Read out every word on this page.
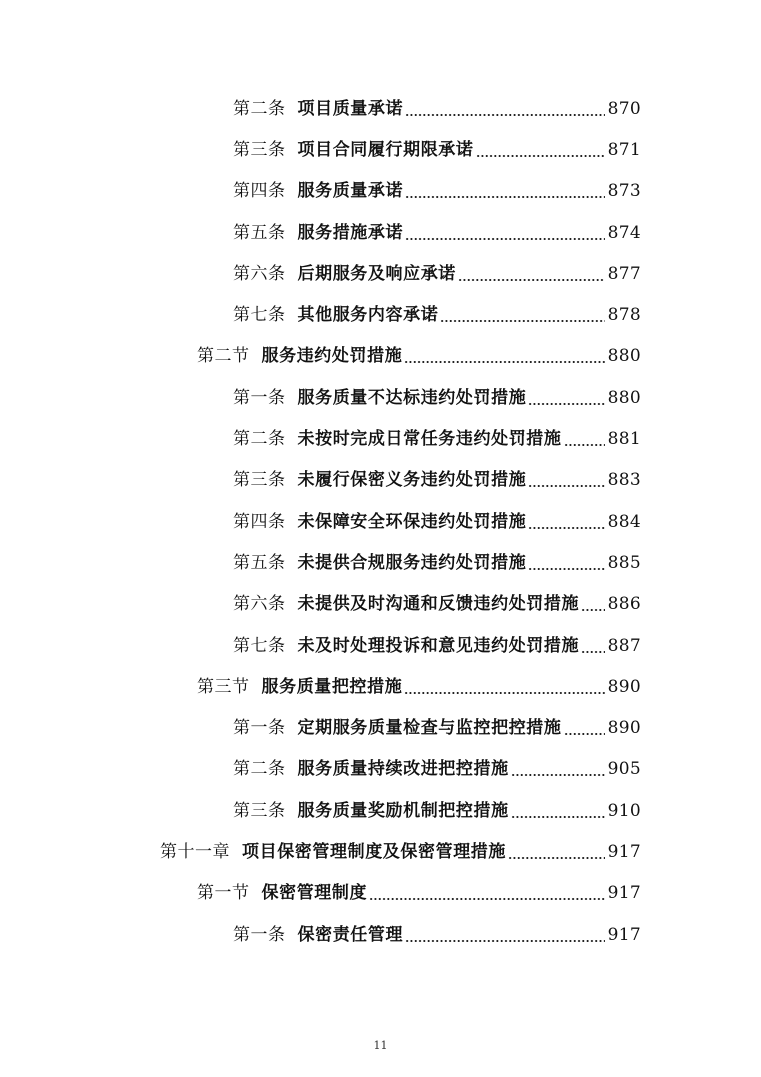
第二条 项目质量承诺	870
第三条 项目合同履行期限承诺	871
第四条 服务质量承诺	873
第五条 服务措施承诺	874
第六条 后期服务及响应承诺	877
第七条 其他服务内容承诺	878
第二节 服务违约处罚措施	880
第一条 服务质量不达标违约处罚措施	880
第二条 未按时完成日常任务违约处罚措施	881
第三条 未履行保密义务违约处罚措施	883
第四条 未保障安全环保违约处罚措施	884
第五条 未提供合规服务违约处罚措施	885
第六条 未提供及时沟通和反馈违约处罚措施 886
第七条 未及时处理投诉和意见违约处罚措施 887
第三节 服务质量把控措施	890
第一条 定期服务质量检查与监控把控措施	890
第二条 服务质量持续改进把控措施	905
第三条 服务质量奖励机制把控措施	910
第十一章 项目保密管理制度及保密管理措施	917
第一节 保密管理制度	917
第一条 保密责任管理	917
11
